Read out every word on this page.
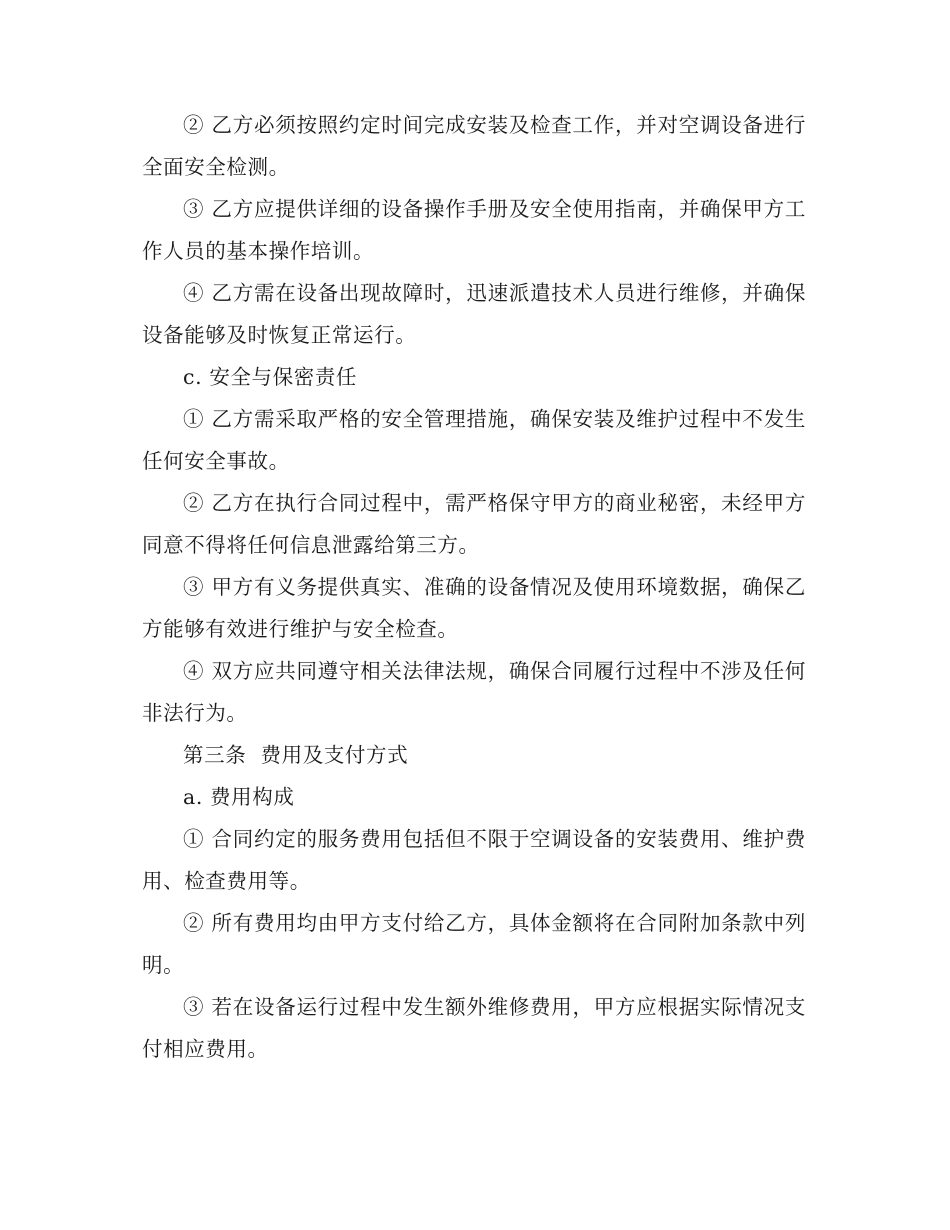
② 乙方必须按照约定时间完成安装及检查工作，并对空调设备进行全面安全检测。

③ 乙方应提供详细的设备操作手册及安全使用指南，并确保甲方工作人员的基本操作培训。

④ 乙方需在设备出现故障时，迅速派遣技术人员进行维修，并确保设备能够及时恢复正常运行。

c. 安全与保密责任

① 乙方需采取严格的安全管理措施，确保安装及维护过程中不发生任何安全事故。

② 乙方在执行合同过程中，需严格保守甲方的商业秘密，未经甲方同意不得将任何信息泄露给第三方。

③ 甲方有义务提供真实、准确的设备情况及使用环境数据，确保乙方能够有效进行维护与安全检查。

④ 双方应共同遵守相关法律法规，确保合同履行过程中不涉及任何非法行为。

第三条  费用及支付方式

a. 费用构成

① 合同约定的服务费用包括但不限于空调设备的安装费用、维护费用、检查费用等。

② 所有费用均由甲方支付给乙方，具体金额将在合同附加条款中列明。

③ 若在设备运行过程中发生额外维修费用，甲方应根据实际情况支付相应费用。
